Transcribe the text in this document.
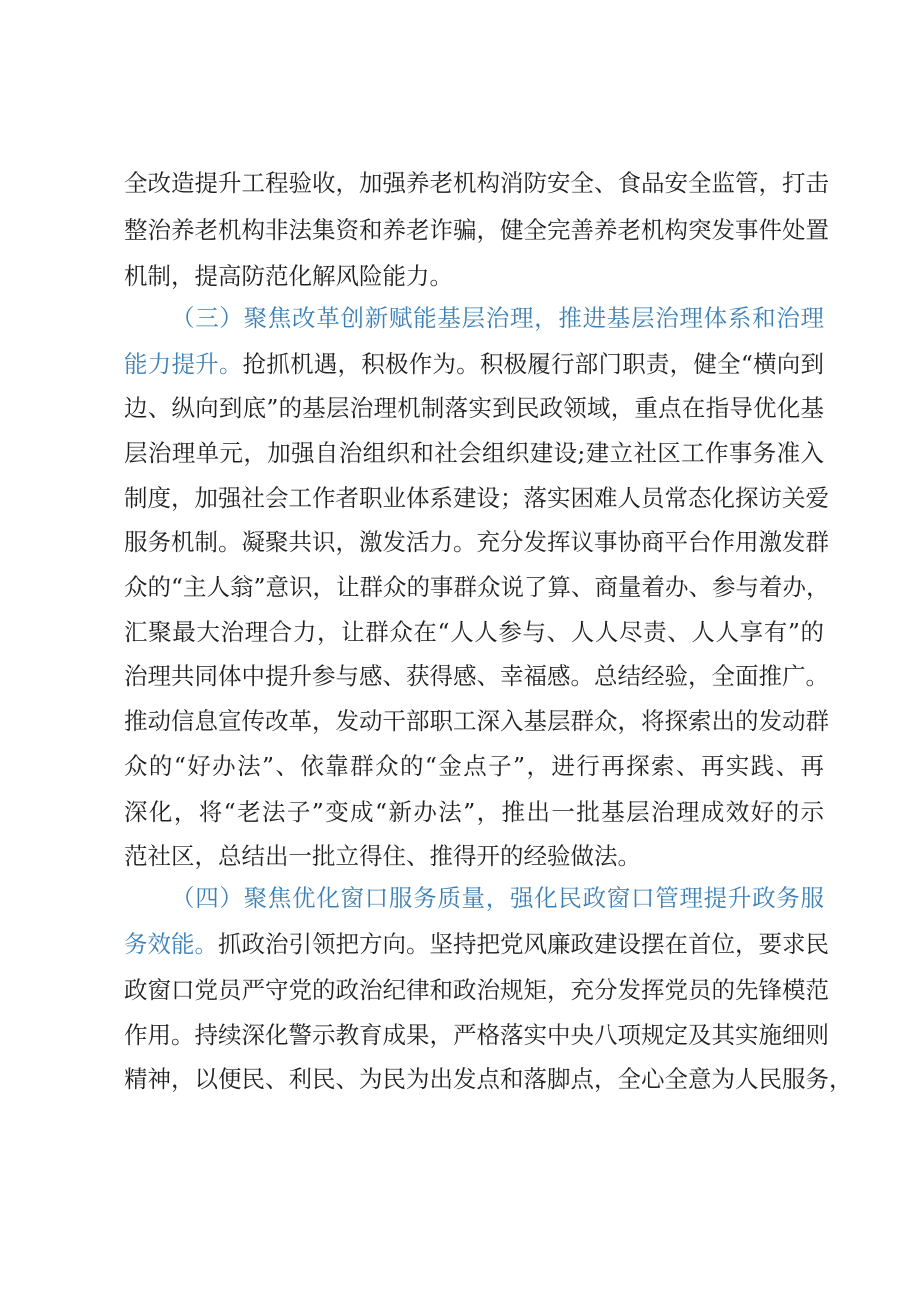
全改造提升工程验收，加强养老机构消防安全、食品安全监管，打击
整治养老机构非法集资和养老诈骗，健全完善养老机构突发事件处置
机制，提高防范化解风险能力。
（三）聚焦改革创新赋能基层治理，推进基层治理体系和治理
能力提升。抢抓机遇，积极作为。积极履行部门职责，健全“横向到
边、纵向到底”的基层治理机制落实到民政领域，重点在指导优化基
层治理单元，加强自治组织和社会组织建设;建立社区工作事务准入
制度，加强社会工作者职业体系建设；落实困难人员常态化探访关爱
服务机制。凝聚共识，激发活力。充分发挥议事协商平台作用激发群
众的“主人翁”意识，让群众的事群众说了算、商量着办、参与着办，
汇聚最大治理合力，让群众在“人人参与、人人尽责、人人享有”的
治理共同体中提升参与感、获得感、幸福感。总结经验，全面推广。
推动信息宣传改革，发动干部职工深入基层群众，将探索出的发动群
众的“好办法”、依靠群众的“金点子”，进行再探索、再实践、再
深化，将“老法子”变成“新办法”，推出一批基层治理成效好的示
范社区，总结出一批立得住、推得开的经验做法。
（四）聚焦优化窗口服务质量，强化民政窗口管理提升政务服
务效能。抓政治引领把方向。坚持把党风廉政建设摆在首位，要求民
政窗口党员严守党的政治纪律和政治规矩，充分发挥党员的先锋模范
作用。持续深化警示教育成果，严格落实中央八项规定及其实施细则
精神，以便民、利民、为民为出发点和落脚点，全心全意为人民服务，
